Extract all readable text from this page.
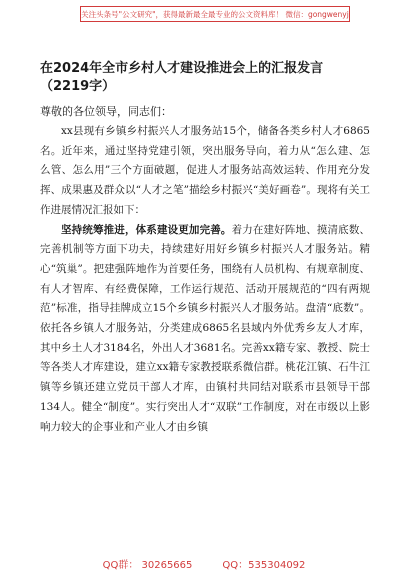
关注头条号"公文研究"，获得最新最全最专业的公文资料库！ 微信：gongwenyj

在2024年全市乡村人才建设推进会上的汇报发言（2219字）

尊敬的各位领导，同志们：

xx县现有乡镇乡村振兴人才服务站15个，储备各类乡村人才6865名。近年来，通过坚持党建引领，突出服务导向，着力从“怎么建、怎么管、怎么用”三个方面破题，促进人才服务站高效运转、作用充分发挥、成果惠及群众以“人才之笔”描绘乡村振兴“美好画卷”。现将有关工作进展情况汇报如下：

坚持统筹推进，体系建设更加完善。着力在建好阵地、摸清底数、完善机制等方面下功夫，持续建好用好乡镇乡村振兴人才服务站。精心“筑巢”。把建强阵地作为首要任务，围绕有人员机构、有规章制度、有人才智库、有经费保障，工作运行规范、活动开展规范的“四有两规范”标准，指导挂牌成立15个乡镇乡村振兴人才服务站。盘清“底数”。依托各乡镇人才服务站，分类建成6865名县域内外优秀乡友人才库，其中乡土人才3184名，外出人才3681名。完善xx籍专家、教授、院士等各类人才库建设，建立xx籍专家教授联系微信群。桃花江镇、石牛江镇等乡镇还建立党员干部人才库，由镇村共同结对联系市县领导干部134人。健全“制度”。实行突出人才“双联”工作制度，对在市级以上影响力较大的企事业和产业人才由乡镇

QQ群： 30265665	QQ：535304092
